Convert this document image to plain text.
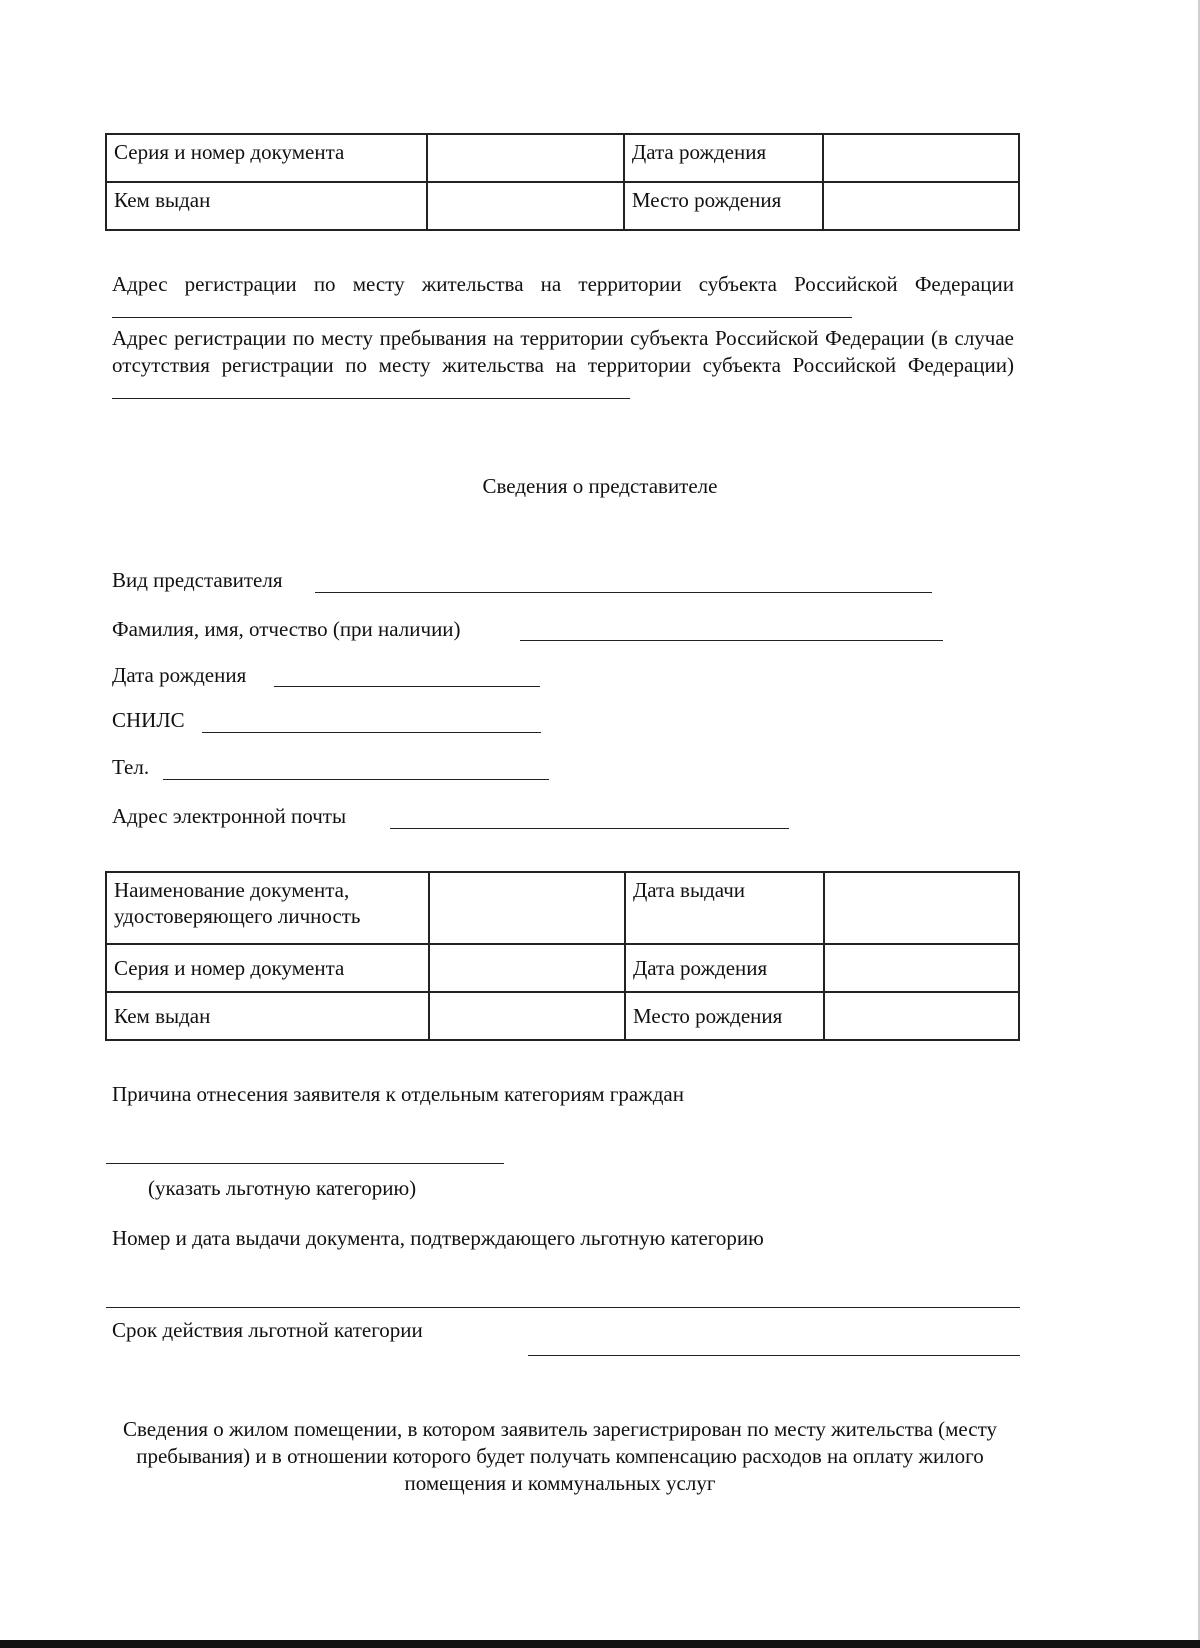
Серия и номер документа		Дата рождения	
Кем выдан		Место рождения	
Адрес регистрации по месту жительства на территории субъекта Российской Федерации
Адрес регистрации по месту пребывания на территории субъекта Российской Федерации (в случае отсутствия регистрации по месту жительства на территории субъекта Российской Федерации)
Сведения о представителе
Вид представителя
Фамилия, имя, отчество (при наличии)
Дата рождения
СНИЛС
Тел.
Адрес электронной почты
Наименование документа, удостоверяющего личность		Дата выдачи	
Серия и номер документа		Дата рождения	
Кем выдан		Место рождения	
Причина отнесения заявителя к отдельным категориям граждан
(указать льготную категорию)
Номер и дата выдачи документа, подтверждающего льготную категорию
Срок действия льготной категории
Сведения о жилом помещении, в котором заявитель зарегистрирован по месту жительства (месту пребывания) и в отношении которого будет получать компенсацию расходов на оплату жилого помещения и коммунальных услуг
